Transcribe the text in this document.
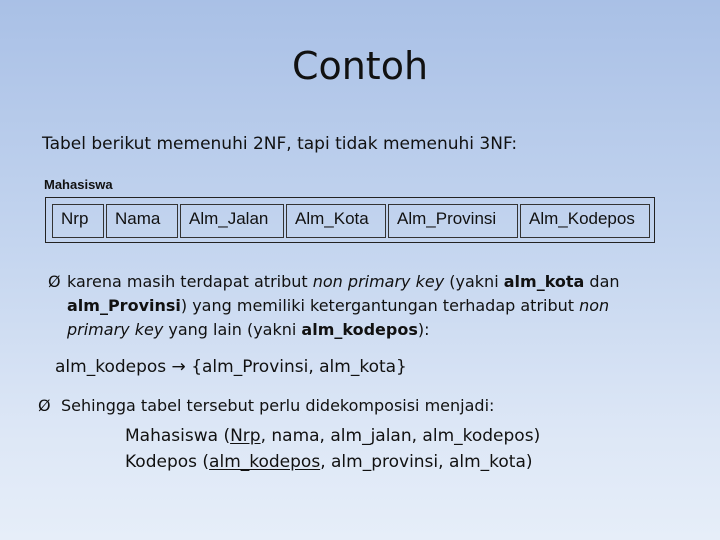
Contoh
Tabel berikut memenuhi 2NF, tapi tidak memenuhi 3NF:
Mahasiswa
Nrp	Nama	Alm_Jalan	Alm_Kota	Alm_Provinsi	Alm_Kodepos
Ø karena masih terdapat atribut non primary key (yakni alm_kota dan alm_Provinsi) yang memiliki ketergantungan terhadap atribut non primary key yang lain (yakni alm_kodepos):
alm_kodepos → {alm_Provinsi, alm_kota}
Ø Sehingga tabel tersebut perlu didekomposisi menjadi:
Mahasiswa (Nrp, nama, alm_jalan, alm_kodepos)
Kodepos (alm_kodepos, alm_provinsi, alm_kota)
